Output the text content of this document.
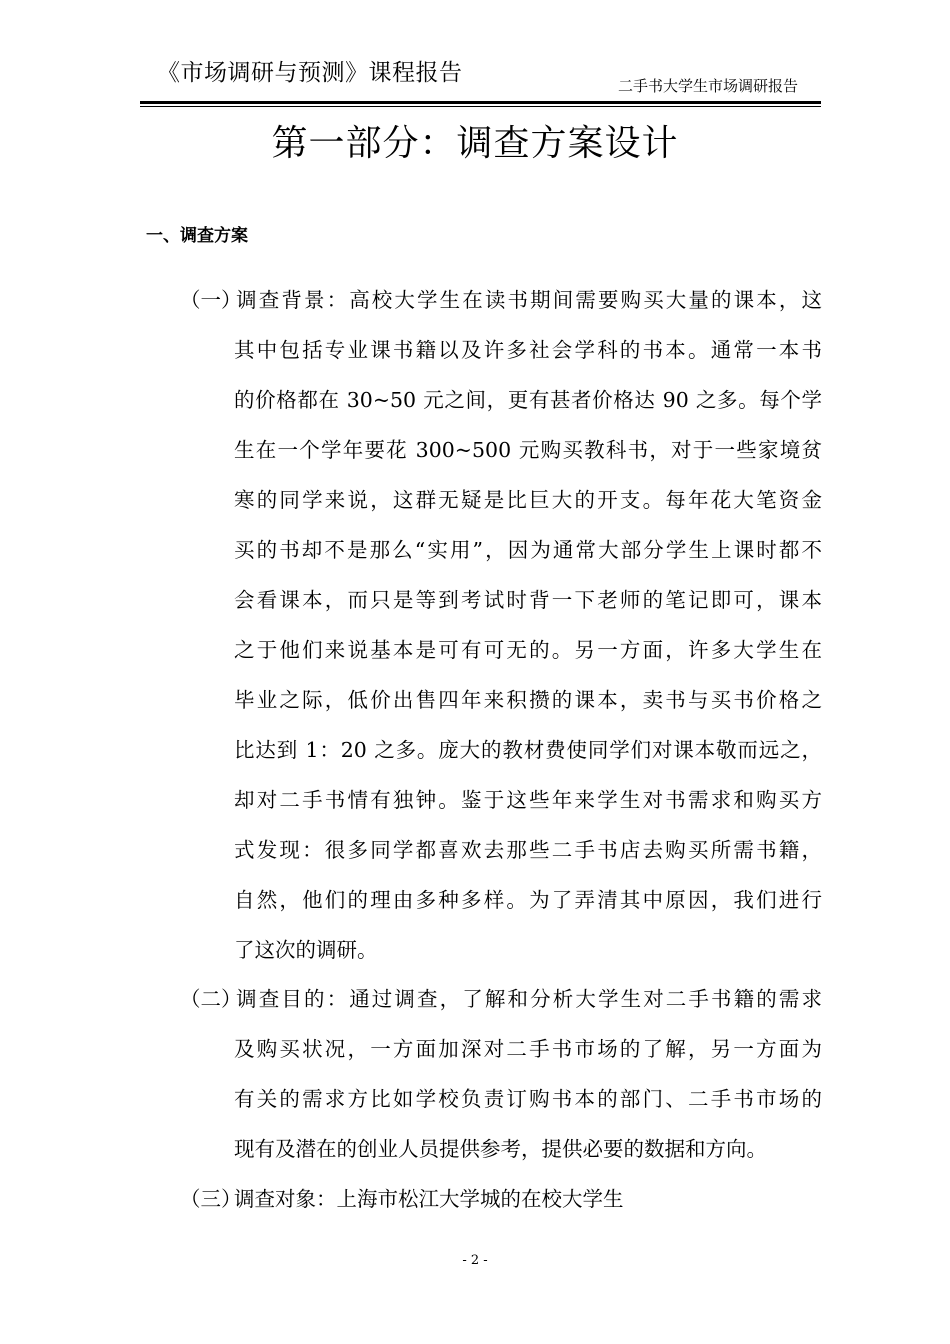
《市场调研与预测》课程报告	二手书大学生市场调研报告
第一部分：调查方案设计
一、调查方案
（一）调查背景：高校大学生在读书期间需要购买大量的课本，这
其中包括专业课书籍以及许多社会学科的书本。通常一本书
的价格都在 30~50 元之间，更有甚者价格达 90 之多。每个学
生在一个学年要花 300~500 元购买教科书，对于一些家境贫
寒的同学来说，这群无疑是比巨大的开支。每年花大笔资金
买的书却不是那么“实用”，因为通常大部分学生上课时都不
会看课本，而只是等到考试时背一下老师的笔记即可，课本
之于他们来说基本是可有可无的。另一方面，许多大学生在
毕业之际，低价出售四年来积攒的课本，卖书与买书价格之
比达到 1：20 之多。庞大的教材费使同学们对课本敬而远之，
却对二手书情有独钟。鉴于这些年来学生对书需求和购买方
式发现：很多同学都喜欢去那些二手书店去购买所需书籍，
自然，他们的理由多种多样。为了弄清其中原因，我们进行
了这次的调研。
（二）调查目的：通过调查，了解和分析大学生对二手书籍的需求
及购买状况，一方面加深对二手书市场的了解，另一方面为
有关的需求方比如学校负责订购书本的部门、二手书市场的
现有及潜在的创业人员提供参考，提供必要的数据和方向。
（三）调查对象：上海市松江大学城的在校大学生
- 2 -
